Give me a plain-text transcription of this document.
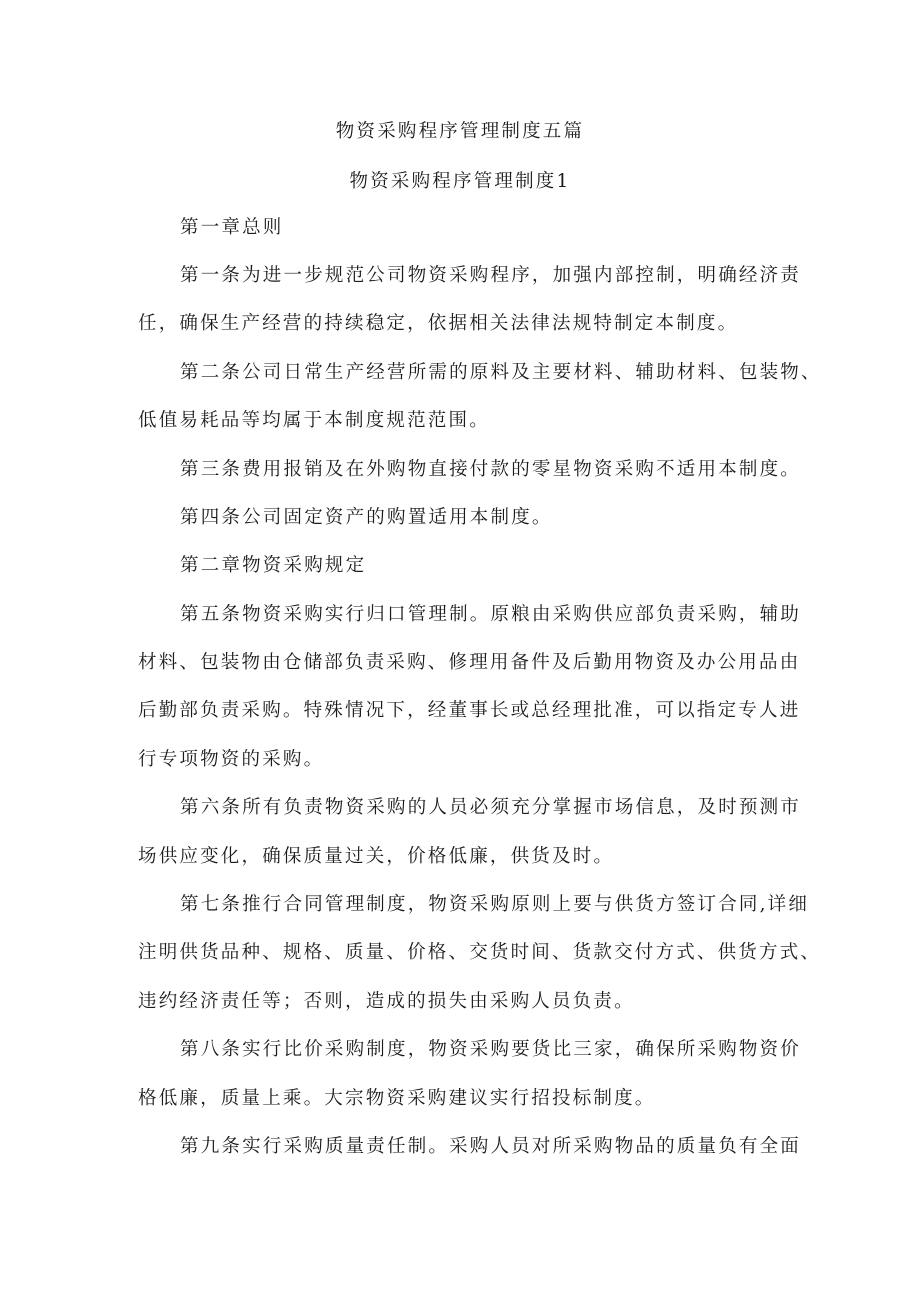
物资采购程序管理制度五篇
物资采购程序管理制度1
第一章总则
第一条为进一步规范公司物资采购程序，加强内部控制，明确经济责
任，确保生产经营的持续稳定，依据相关法律法规特制定本制度。
第二条公司日常生产经营所需的原料及主要材料、辅助材料、包装物、
低值易耗品等均属于本制度规范范围。
第三条费用报销及在外购物直接付款的零星物资采购不适用本制度。
第四条公司固定资产的购置适用本制度。
第二章物资采购规定
第五条物资采购实行归口管理制。原粮由采购供应部负责采购，辅助
材料、包装物由仓储部负责采购、修理用备件及后勤用物资及办公用品由
后勤部负责采购。特殊情况下，经董事长或总经理批准，可以指定专人进
行专项物资的采购。
第六条所有负责物资采购的人员必须充分掌握市场信息，及时预测市
场供应变化，确保质量过关，价格低廉，供货及时。
第七条推行合同管理制度，物资采购原则上要与供货方签订合同,详细
注明供货品种、规格、质量、价格、交货时间、货款交付方式、供货方式、
违约经济责任等；否则，造成的损失由采购人员负责。
第八条实行比价采购制度，物资采购要货比三家，确保所采购物资价
格低廉，质量上乘。大宗物资采购建议实行招投标制度。
第九条实行采购质量责任制。采购人员对所采购物品的质量负有全面
